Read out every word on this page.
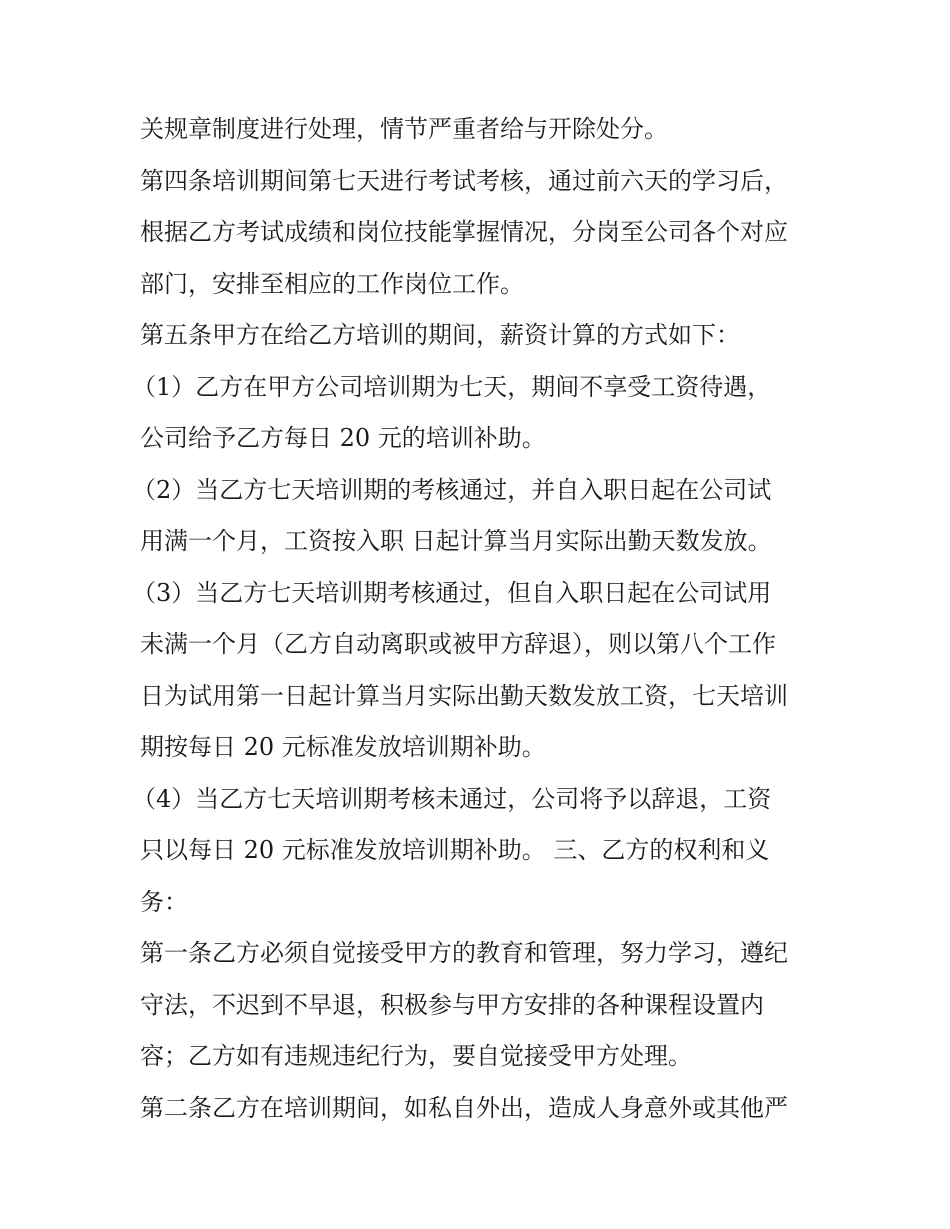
关规章制度进行处理，情节严重者给与开除处分。
第四条培训期间第七天进行考试考核，通过前六天的学习后，
根据乙方考试成绩和岗位技能掌握情况，分岗至公司各个对应
部门，安排至相应的工作岗位工作。
第五条甲方在给乙方培训的期间，薪资计算的方式如下：
（1）乙方在甲方公司培训期为七天，期间不享受工资待遇，
公司给予乙方每日 20 元的培训补助。
（2）当乙方七天培训期的考核通过，并自入职日起在公司试
用满一个月，工资按入职 日起计算当月实际出勤天数发放。
（3）当乙方七天培训期考核通过，但自入职日起在公司试用
未满一个月（乙方自动离职或被甲方辞退），则以第八个工作
日为试用第一日起计算当月实际出勤天数发放工资，七天培训
期按每日 20 元标准发放培训期补助。
（4）当乙方七天培训期考核未通过，公司将予以辞退，工资
只以每日 20 元标准发放培训期补助。 三、乙方的权利和义
务：
第一条乙方必须自觉接受甲方的教育和管理，努力学习，遵纪
守法，不迟到不早退，积极参与甲方安排的各种课程设置内
容；乙方如有违规违纪行为，要自觉接受甲方处理。
第二条乙方在培训期间，如私自外出，造成人身意外或其他严
